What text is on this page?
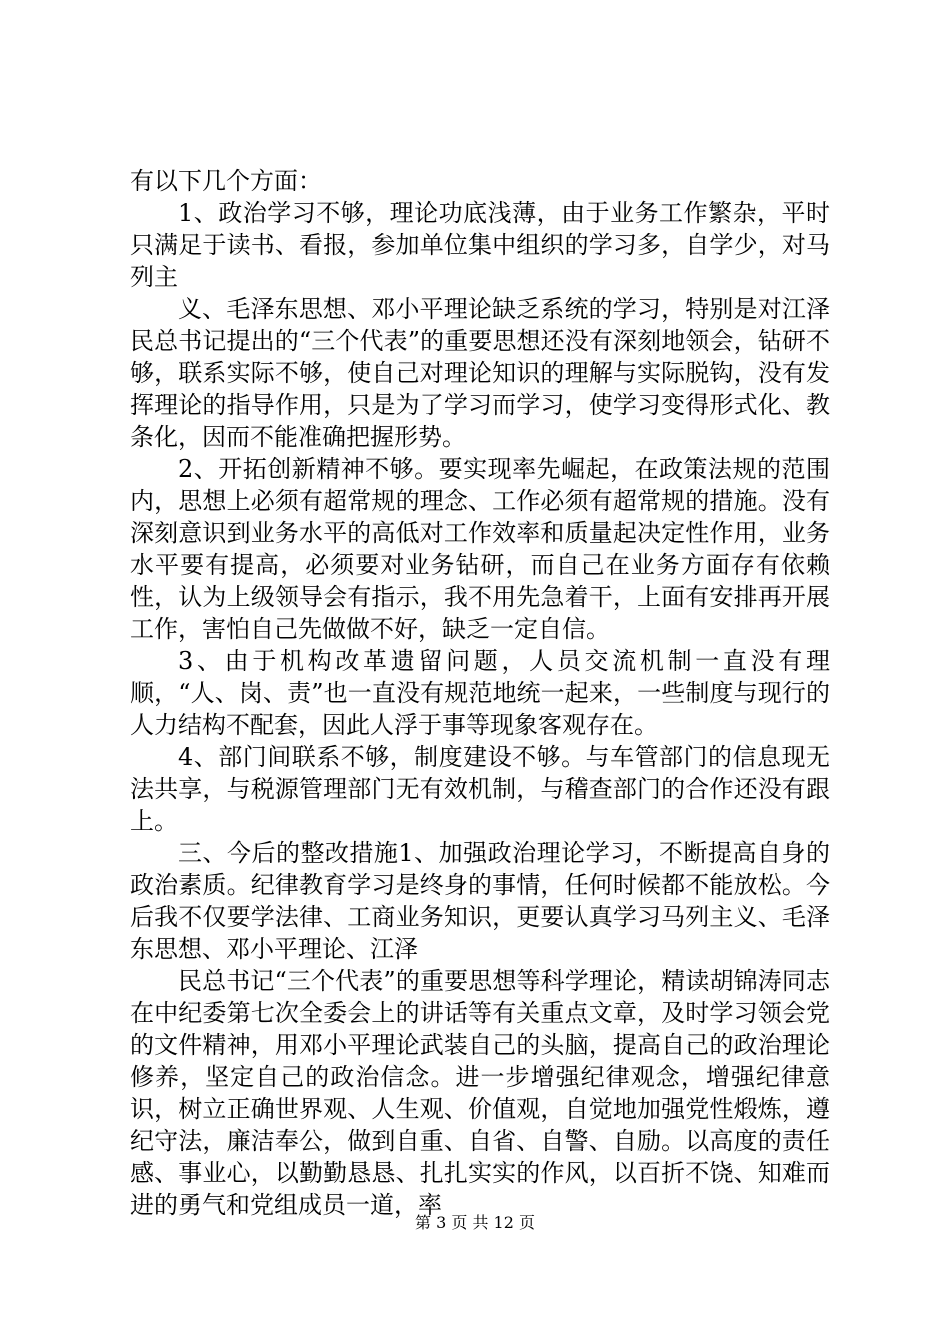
有以下几个方面：

1、政治学习不够，理论功底浅薄，由于业务工作繁杂，平时只满足于读书、看报，参加单位集中组织的学习多，自学少，对马列主

义、毛泽东思想、邓小平理论缺乏系统的学习，特别是对江泽民总书记提出的“三个代表”的重要思想还没有深刻地领会，钻研不够，联系实际不够，使自己对理论知识的理解与实际脱钩，没有发挥理论的指导作用，只是为了学习而学习，使学习变得形式化、教条化，因而不能准确把握形势。

2、开拓创新精神不够。要实现率先崛起，在政策法规的范围内，思想上必须有超常规的理念、工作必须有超常规的措施。没有深刻意识到业务水平的高低对工作效率和质量起决定性作用，业务水平要有提高，必须要对业务钻研，而自己在业务方面存有依赖性，认为上级领导会有指示，我不用先急着干，上面有安排再开展工作，害怕自己先做做不好，缺乏一定自信。

3、由于机构改革遗留问题，人员交流机制一直没有理顺，“人、岗、责”也一直没有规范地统一起来，一些制度与现行的人力结构不配套，因此人浮于事等现象客观存在。

4、部门间联系不够，制度建设不够。与车管部门的信息现无法共享，与税源管理部门无有效机制，与稽查部门的合作还没有跟上。

三、今后的整改措施1、加强政治理论学习，不断提高自身的政治素质。纪律教育学习是终身的事情，任何时候都不能放松。今后我不仅要学法律、工商业务知识，更要认真学习马列主义、毛泽东思想、邓小平理论、江泽

民总书记“三个代表”的重要思想等科学理论，精读胡锦涛同志在中纪委第七次全委会上的讲话等有关重点文章，及时学习领会党的文件精神，用邓小平理论武装自己的头脑，提高自己的政治理论修养，坚定自己的政治信念。进一步增强纪律观念，增强纪律意识，树立正确世界观、人生观、价值观，自觉地加强党性煅炼，遵纪守法，廉洁奉公，做到自重、自省、自警、自励。以高度的责任感、事业心，以勤勤恳恳、扎扎实实的作风，以百折不饶、知难而进的勇气和党组成员一道，率

第 3 页 共 12 页
